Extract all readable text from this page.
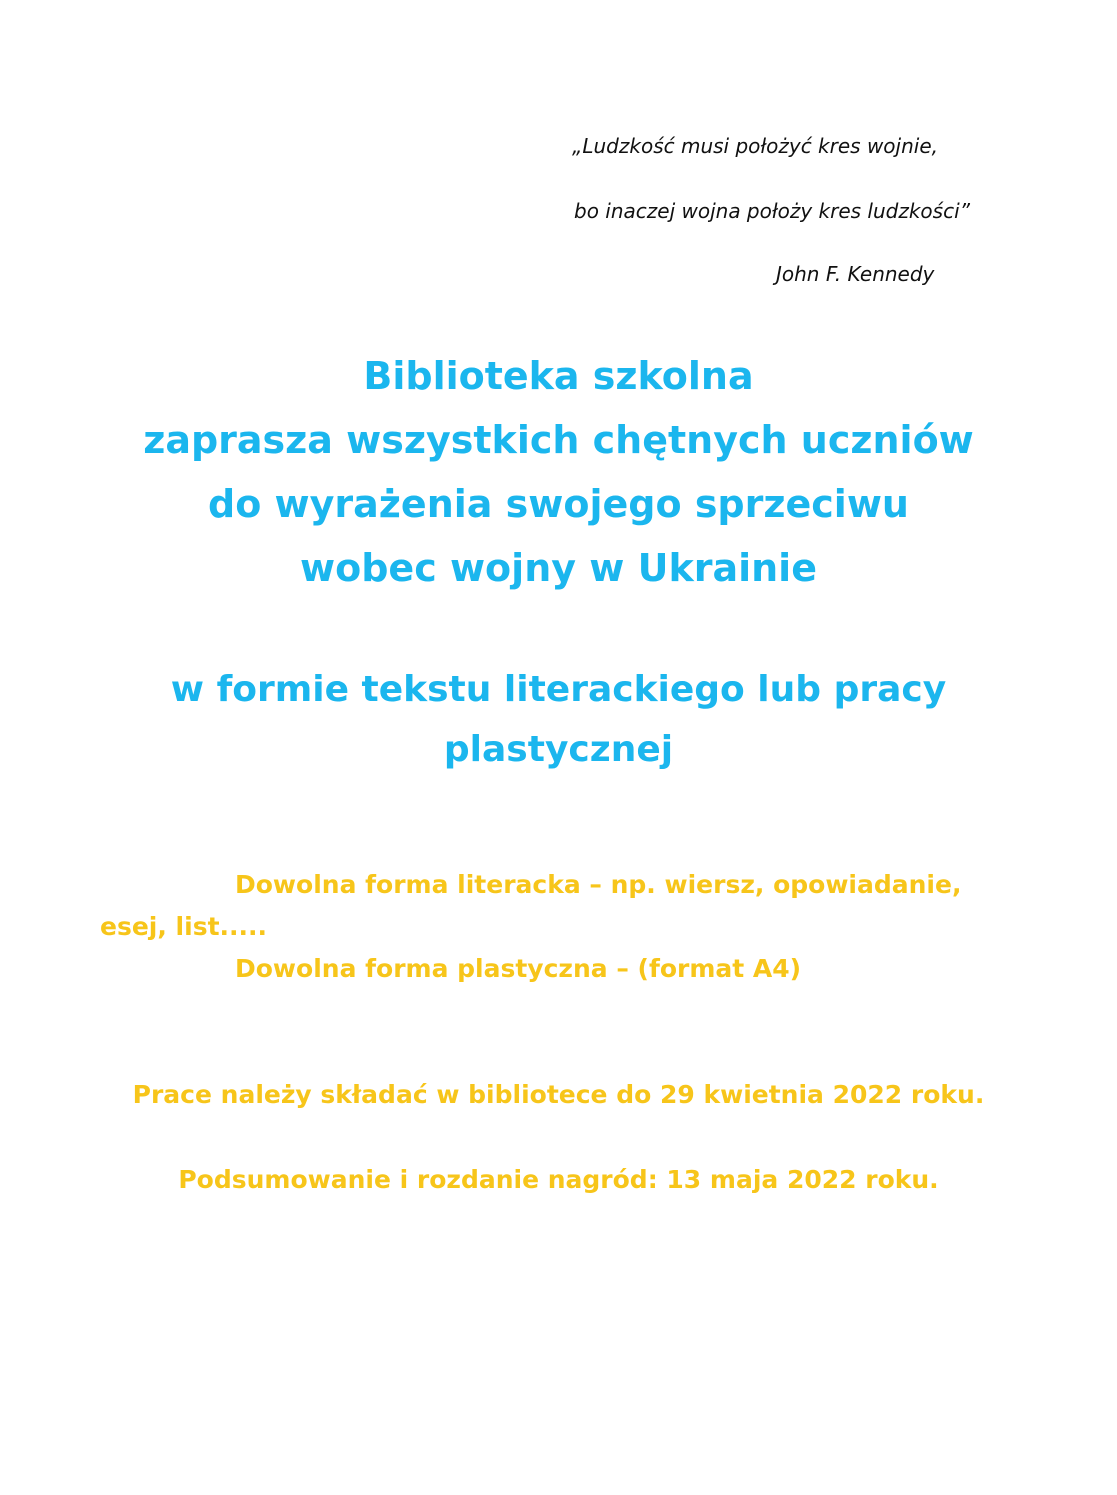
„Ludzkość musi położyć kres wojnie,
bo inaczej wojna położy kres ludzkości”
John F. Kennedy
Biblioteka szkolna
zaprasza wszystkich chętnych uczniów
do wyrażenia swojego sprzeciwu
wobec wojny w Ukrainie
w formie tekstu literackiego lub pracy
plastycznej
Dowolna forma literacka – np. wiersz, opowiadanie,
esej, list.....
Dowolna forma plastyczna – (format A4)
Prace należy składać w bibliotece do 29 kwietnia 2022 roku.
Podsumowanie i rozdanie nagród: 13 maja 2022 roku.
